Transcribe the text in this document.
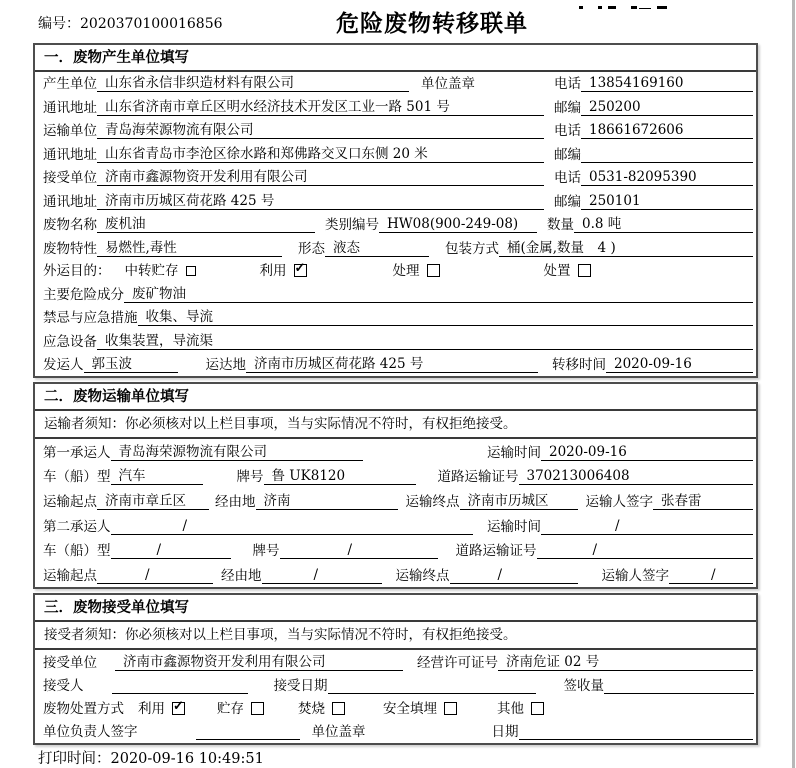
编号：2020370100016856	危险废物转移联单
一．废物产生单位填写
产生单位 山东省永信非织造材料有限公司	单位盖章	电话 13854169160
通讯地址 山东省济南市章丘区明水经济技术开发区工业一路 501 号	邮编 250200
运输单位 青岛海荣源物流有限公司	电话 18661672606
通讯地址 山东省青岛市李沧区徐水路和郑佛路交叉口东侧 20 米	邮编
接受单位 济南市鑫源物资开发利用有限公司	电话 0531-82095390
通讯地址 济南市历城区荷花路 425 号	邮编 250101
废物名称 废机油	类别编号 HW08(900-249-08)	数量 0.8 吨
废物特性 易燃性,毒性	形态 液态	包装方式 桶(金属,数量　4 )
外运目的： 中转贮存	利用 ✓	处理	处置
主要危险成分 废矿物油
禁忌与应急措施 收集、导流
应急设备 收集装置，导流渠
发运人 郭玉波	运达地 济南市历城区荷花路 425 号	转移时间 2020-09-16
二．废物运输单位填写
运输者须知：你必须核对以上栏目事项，当与实际情况不符时，有权拒绝接受。
第一承运人 青岛海荣源物流有限公司	运输时间 2020-09-16
车（船）型 汽车	牌号 鲁 UK8120	道路运输证号 370213006408
运输起点 济南市章丘区	经由地 济南	运输终点 济南市历城区	运输人签字 张春雷
第二承运人	/	运输时间	/
车（船）型	/	牌号	/	道路运输证号	/
运输起点	/	经由地	/	运输终点	/	运输人签字	/
三．废物接受单位填写
接受者须知：你必须核对以上栏目事项，当与实际情况不符时，有权拒绝接受。
接受单位	济南市鑫源物资开发利用有限公司	经营许可证号 济南危证 02 号
接受人	接受日期	签收量
废物处置方式 利用 ✓	贮存	焚烧	安全填埋	其他
单位负责人签字	单位盖章	日期
打印时间：2020-09-16 10:49:51
